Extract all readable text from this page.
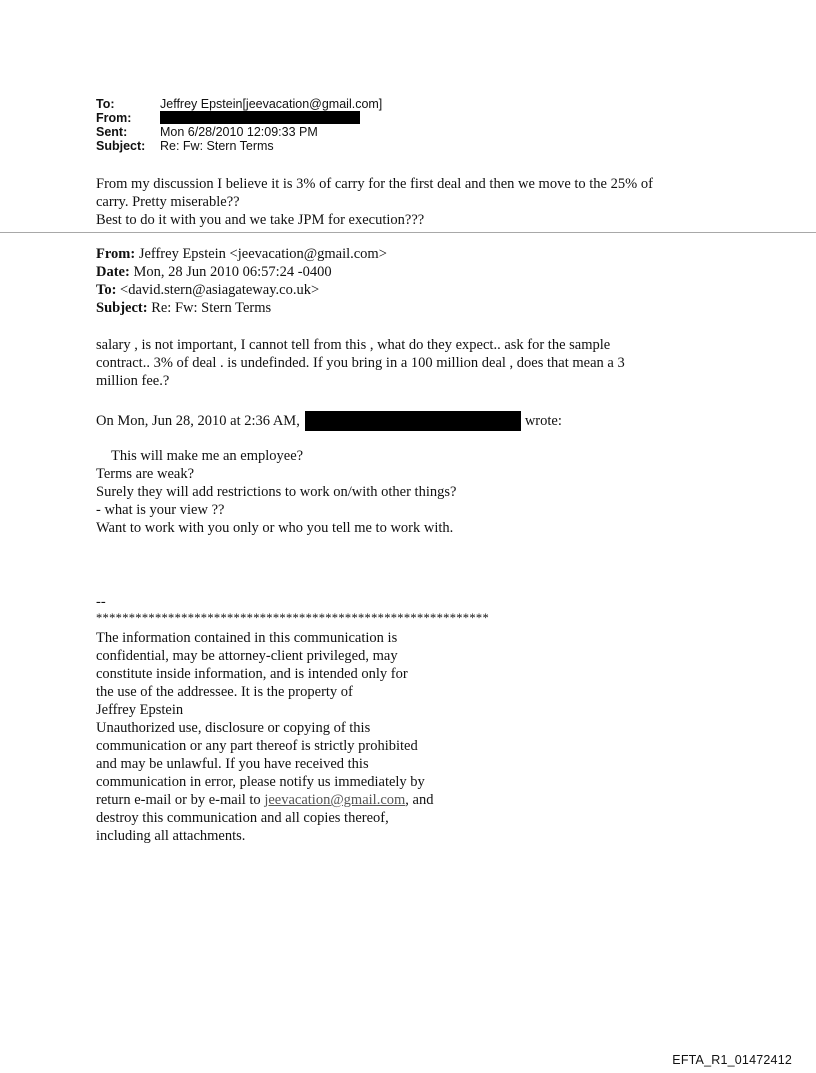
To:	Jeffrey Epstein[jeevacation@gmail.com]
From:
Sent:	Mon 6/28/2010 12:09:33 PM
Subject:	Re: Fw: Stern Terms
From my discussion I believe it is 3% of carry for the first deal and then we move to the 25% of
carry. Pretty miserable??
Best to do it with you and we take JPM for execution???
From: Jeffrey Epstein <jeevacation@gmail.com>
Date: Mon, 28 Jun 2010 06:57:24 -0400
To: <david.stern@asiagateway.co.uk>
Subject: Re: Fw: Stern Terms
salary , is not important, I cannot tell from this , what do they expect.. ask for the sample
contract.. 3% of deal . is undefinded. If you bring in a 100 million deal , does that mean a 3
million fee.?
On Mon, Jun 28, 2010 at 2:36 AM,	wrote:
This will make me an employee?
Terms are weak?
Surely they will add restrictions to work on/with other things?
- what is your view ??
Want to work with you only or who you tell me to work with.
--
************************************************************
The information contained in this communication is
confidential, may be attorney-client privileged, may
constitute inside information, and is intended only for
the use of the addressee. It is the property of
Jeffrey Epstein
Unauthorized use, disclosure or copying of this
communication or any part thereof is strictly prohibited
and may be unlawful. If you have received this
communication in error, please notify us immediately by
return e-mail or by e-mail to jeevacation@gmail.com, and
destroy this communication and all copies thereof,
including all attachments.
EFTA_R1_01472412
